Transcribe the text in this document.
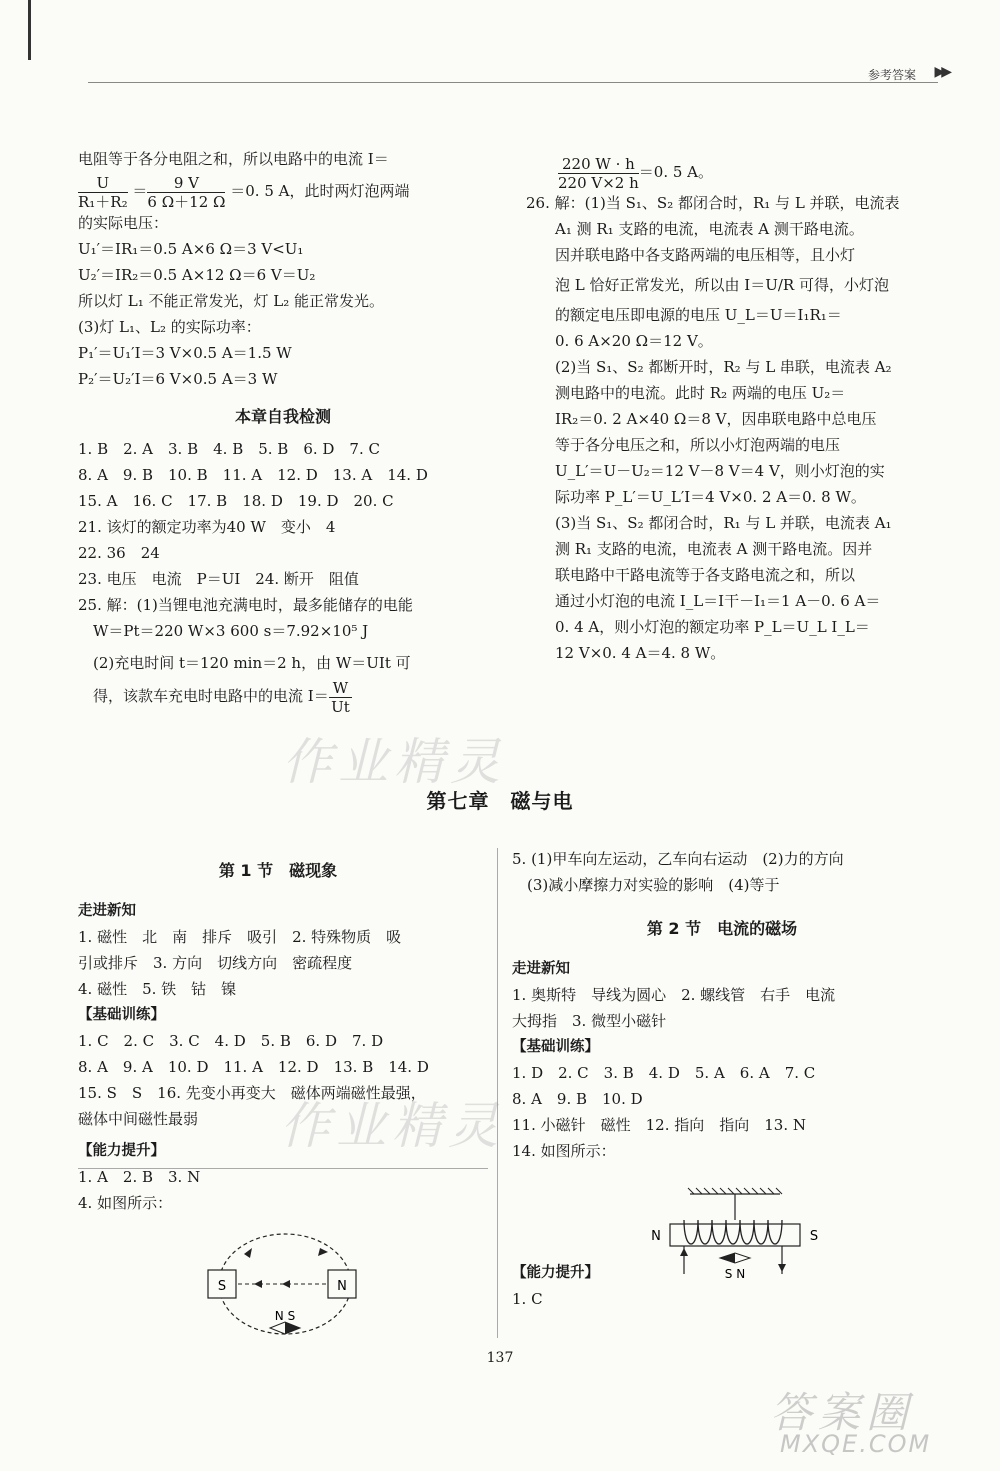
参考答案 ▶▶
电阻等于各分电阻之和，所以电路中的电流 I＝
$\frac{U}{\text{R₁＋R₂}} = \frac{9 V}{6 \Omega+12 \Omega} =0$. 5 A，此时两灯泡两端
的实际电压：
U₁′＝IR₁＝0.5 A×6 Ω＝3 V<U₁
U₂′＝IR₂＝0.5 A×12 Ω＝6 V＝U₂
所以灯 L₁ 不能正常发光，灯 L₂ 能正常发光。
(3)灯 L₁、L₂ 的实际功率：
P₁′＝U₁′I＝3 V×0.5 A＝1.5 W
P₂′＝U₂′I＝6 V×0.5 A＝3 W
本章自我检测
1. B　2. A　3. B　4. B　5. B　6. D　7. C
8. A　9. B　10. B　11. A　12. D　13. A　14. D
15. A　16. C　17. B　18. D　19. D　20. C
21. 该灯的额定功率为40 W　变小　4
22. 36　24
23. 电压　电流　P＝UI　24. 断开　阻值
25. 解：(1)当锂电池充满电时，最多能储存的电能
　W＝Pt＝220 W×3 600 s＝7.92×10⁵ J
　(2)充电时间 t＝120 min＝2 h，由 W＝UIt 可
　得，该款车充电时电路中的电流 $I= \frac{W}{Ut}$
$\frac{220 W \cdot h}{220 V\times 2 h} =0$. 5 A。
26. 解：(1)当 S₁、S₂ 都闭合时，R₁ 与 L 并联，电流表
　A₁ 测 R₁ 支路的电流，电流表 A 测干路电流。
　因并联电路中各支路两端的电压相等，且小灯
　泡 L 恰好正常发光，所以由 I＝U/R 可得，小灯泡
　的额定电压即电源的电压 U_L＝U＝I₁R₁＝
　0. 6 A×20 Ω＝12 V。
　(2)当 S₁、S₂ 都断开时，R₂ 与 L 串联，电流表 A₂
　测电路中的电流。此时 R₂ 两端的电压 U₂＝
　IR₂＝0. 2 A×40 Ω＝8 V，因串联电路中总电压
　等于各分电压之和，所以小灯泡两端的电压
　U_L′＝U－U₂＝12 V－8 V＝4 V，则小灯泡的实
　际功率 P_L′＝U_L′I＝4 V×0. 2 A＝0. 8 W。
　(3)当 S₁、S₂ 都闭合时，R₁ 与 L 并联，电流表 A₁
　测 R₁ 支路的电流，电流表 A 测干路电流。因并
　联电路中干路电流等于各支路电流之和，所以
　通过小灯泡的电流 I_L＝I干－I₁＝1 A－0. 6 A＝
　0. 4 A，则小灯泡的额定功率 P_L＝U_L I_L＝
　12 V×0. 4 A＝4. 8 W。
第七章　磁与电
第 1 节　磁现象
走进新知
1. 磁性　北　南　排斥　吸引　2. 特殊物质　吸
引或排斥　3. 方向　切线方向　密疏程度
4. 磁性　5. 铁　钴　镍
【基础训练】
1. C　2. C　3. C　4. D　5. B　6. D　7. D
8. A　9. A　10. D　11. A　12. D　13. B　14. D
15. S　S　16. 先变小再变大　磁体两端磁性最强，
磁体中间磁性最弱
【能力提升】
1. A　2. B　3. N
4. 如图所示：
S	N
N S
5. (1)甲车向左运动，乙车向右运动　(2)力的方向
　(3)减小摩擦力对实验的影响　(4)等于
第 2 节　电流的磁场
走进新知
1. 奥斯特　导线为圆心　2. 螺线管　右手　电流
大拇指　3. 微型小磁针
【基础训练】
1. D　2. C　3. B　4. D　5. A　6. A　7. C
8. A　9. B　10. D
11. 小磁针　磁性　12. 指向　指向　13. N
14. 如图所示：
【能力提升】
1. C
N	S
S N
137
作业精灵
作业精灵
答案圈
MXQE.COM
